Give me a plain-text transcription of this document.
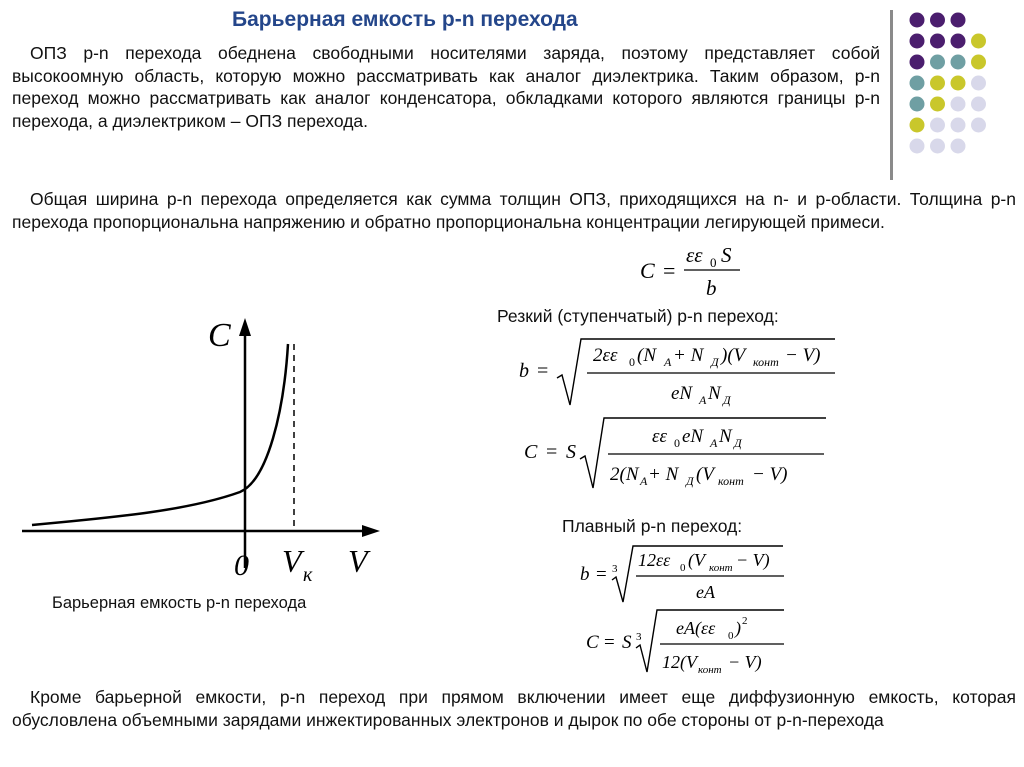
Барьерная емкость p-n перехода
ОПЗ p-n перехода обеднена свободными носителями заряда, поэтому представляет собой высокоомную область, которую можно рассматривать как аналог диэлектрика. Таким образом, p-n переход можно рассматривать как аналог конденсатора, обкладками которого являются границы p-n перехода, а диэлектриком – ОПЗ перехода.
Общая ширина p-n перехода определяется как сумма толщин ОПЗ, приходящихся на n- и p-области. Толщина p-n перехода пропорциональна напряжению и обратно пропорциональна концентрации легирующей примеси.
Кроме барьерной емкости, p-n переход при прямом включении имеет еще диффузионную емкость, которая обусловлена объемными зарядами инжектированных электронов и дырок по обе стороны от p-n-перехода
Резкий (ступенчатый) p-n переход:
Плавный p-n переход:
Барьерная емкость p-n перехода
C
0 V к V
C =
εε 0 S
b
b =
2εε 0 (N A + N Д )(V конт − V)
eN A N Д
C = S
εε 0 eN A N Д
2(N A + N Д (V конт − V)
b = 3 12εε 0 (V конт − V)
eA
C = S 3 eA(εε 0 ) 2
12(V конт − V)
